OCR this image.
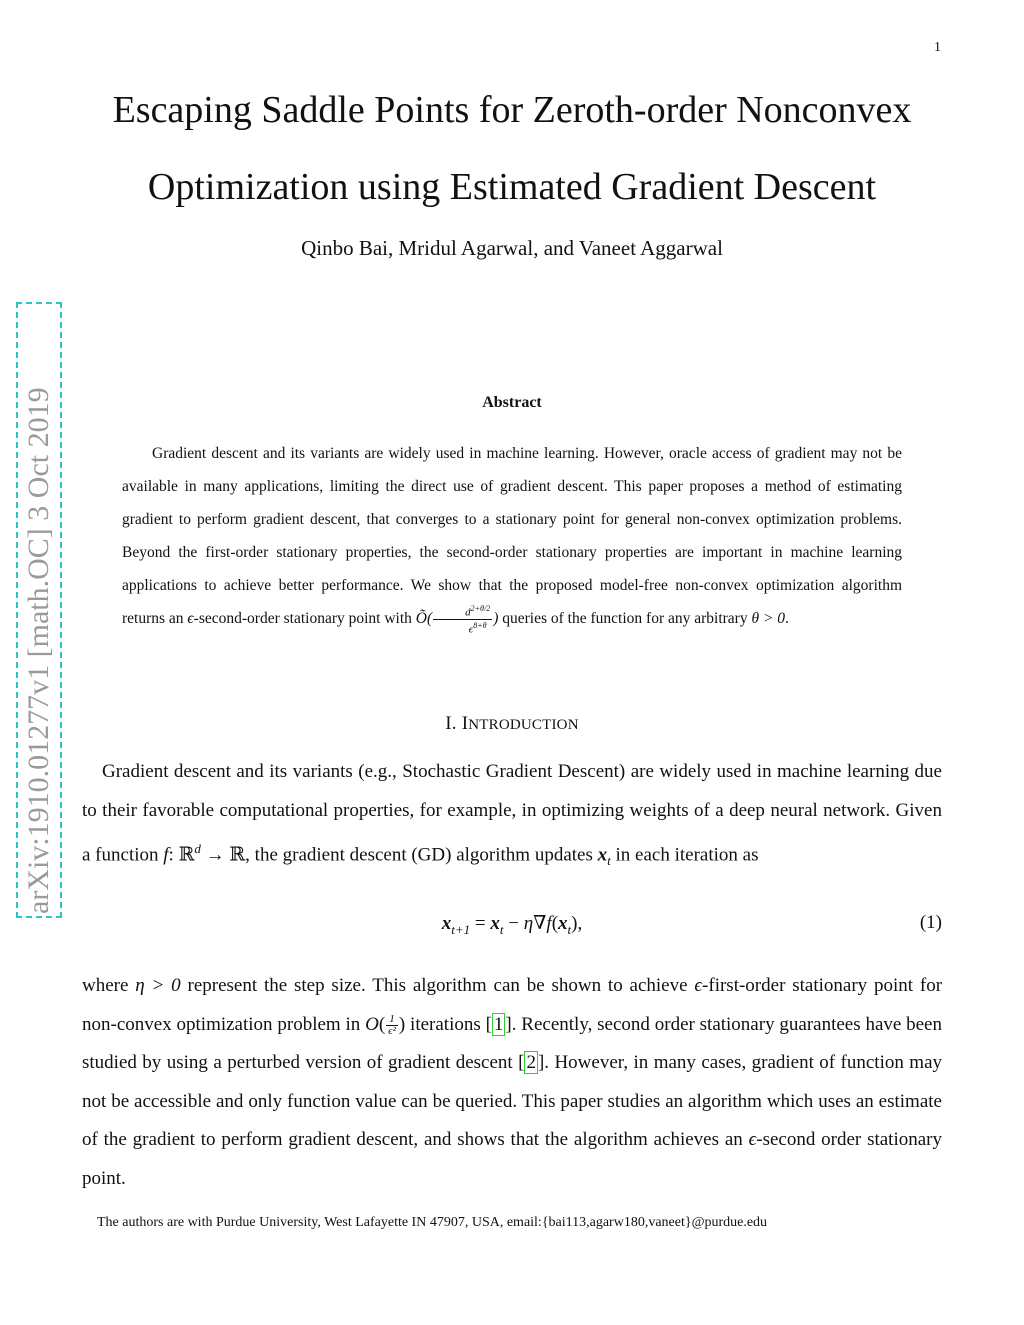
1
Escaping Saddle Points for Zeroth-order Nonconvex
Optimization using Estimated Gradient Descent
Qinbo Bai, Mridul Agarwal, and Vaneet Aggarwal
arXiv:1910.01277v1 [math.OC] 3 Oct 2019	Abstract

Gradient descent and its variants are widely used in machine learning. However, oracle access of gradient may not be available in many applications, limiting the direct use of gradient descent. This paper proposes a method of estimating gradient to perform gradient descent, that converges to a stationary point for general non-convex optimization problems. Beyond the first-order stationary properties, the second-order stationary properties are important in machine learning applications to achieve better performance. We show that the proposed model-free non-convex optimization algorithm returns an ϵ-second-order stationary point with Õ( $\frac{d^{2+\theta/2}}{\epsilon^{8+\theta}}$ ) queries of the function for any arbitrary θ > 0.

I. INTRODUCTION

Gradient descent and its variants (e.g., Stochastic Gradient Descent) are widely used in machine learning due to their favorable computational properties, for example, in optimizing weights of a deep neural network. Given a function f: ℝ$^d$ → ℝ, the gradient descent (GD) algorithm updates $x_t$ in each iteration as

$x_{t+1} = x_t - \eta\nabla f(x_t)$,	(1)

where η > 0 represent the step size. This algorithm can be shown to achieve ϵ-first-order stationary point for non-convex optimization problem in $O( \frac{1}{\text{ϵ²}}$ ) iterations [ 1 ]. Recently, second order stationary guarantees have been studied by using a perturbed version of gradient descent [ 2 ]. However, in many cases, gradient of function may not be accessible and only function value can be queried. This paper studies an algorithm which uses an estimate of the gradient to perform gradient descent, and shows that the algorithm achieves an ϵ-second order stationary point.

The authors are with Purdue University, West Lafayette IN 47907, USA, email:{bai113,agarw180,vaneet}@purdue.edu
